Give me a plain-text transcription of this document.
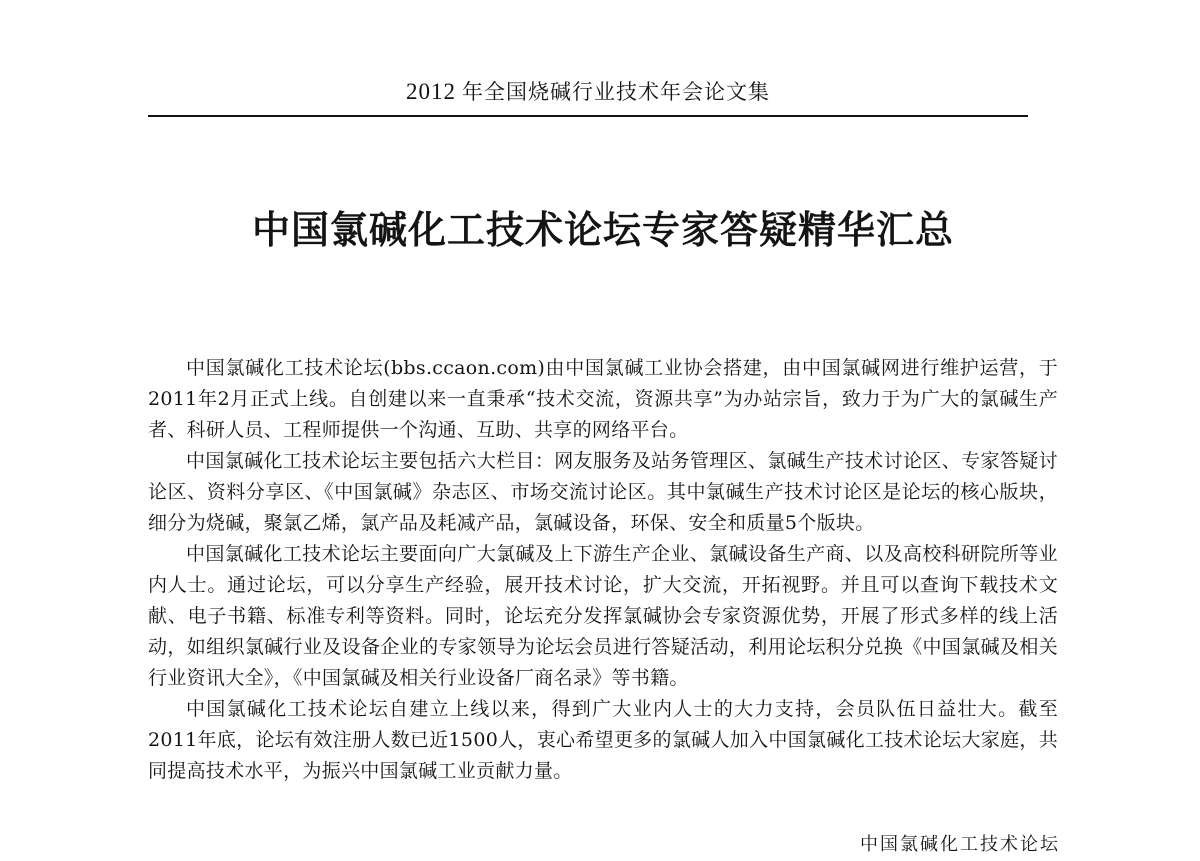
2012 年全国烧碱行业技术年会论文集
中国氯碱化工技术论坛专家答疑精华汇总

中国氯碱化工技术论坛(bbs.ccaon.com)由中国氯碱工业协会搭建，由中国氯碱网进行维护运营，于2011年2月正式上线。自创建以来一直秉承“技术交流，资源共享”为办站宗旨，致力于为广大的氯碱生产者、科研人员、工程师提供一个沟通、互助、共享的网络平台。

中国氯碱化工技术论坛主要包括六大栏目：网友服务及站务管理区、氯碱生产技术讨论区、专家答疑讨论区、资料分享区、《中国氯碱》杂志区、市场交流讨论区。其中氯碱生产技术讨论区是论坛的核心版块，细分为烧碱，聚氯乙烯，氯产品及耗减产品，氯碱设备，环保、安全和质量5个版块。

中国氯碱化工技术论坛主要面向广大氯碱及上下游生产企业、氯碱设备生产商、以及高校科研院所等业内人士。通过论坛，可以分享生产经验，展开技术讨论，扩大交流，开拓视野。并且可以查询下载技术文献、电子书籍、标准专利等资料。同时，论坛充分发挥氯碱协会专家资源优势，开展了形式多样的线上活动，如组织氯碱行业及设备企业的专家领导为论坛会员进行答疑活动，利用论坛积分兑换《中国氯碱及相关行业资讯大全》，《中国氯碱及相关行业设备厂商名录》等书籍。

中国氯碱化工技术论坛自建立上线以来，得到广大业内人士的大力支持，会员队伍日益壮大。截至2011年底，论坛有效注册人数已近1500人，衷心希望更多的氯碱人加入中国氯碱化工技术论坛大家庭，共同提高技术水平，为振兴中国氯碱工业贡献力量。

中国氯碱化工技术论坛
